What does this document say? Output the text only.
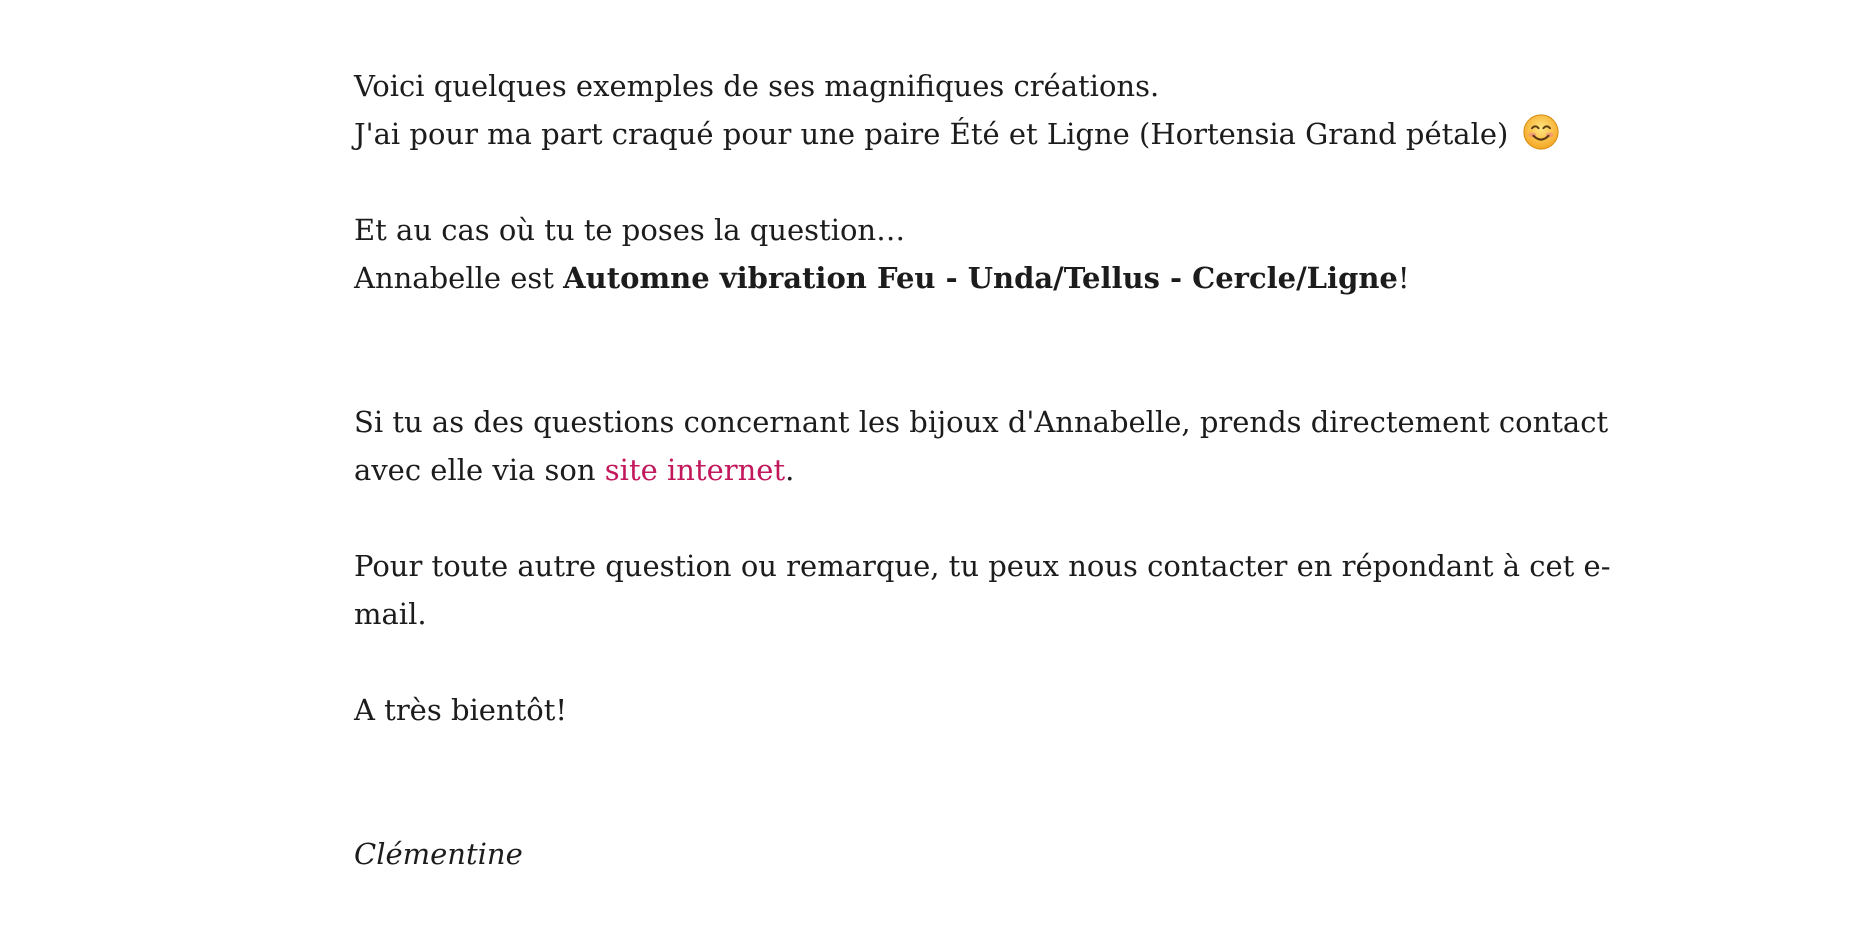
Voici quelques exemples de ses magnifiques créations.
J'ai pour ma part craqué pour une paire Été et Ligne (Hortensia Grand pétale)

Et au cas où tu te poses la question…
Annabelle est Automne vibration Feu - Unda/Tellus - Cercle/Ligne!

Si tu as des questions concernant les bijoux d'Annabelle, prends directement contact
avec elle via son site internet.

Pour toute autre question ou remarque, tu peux nous contacter en répondant à cet e-
mail.

A très bientôt!

Clémentine
